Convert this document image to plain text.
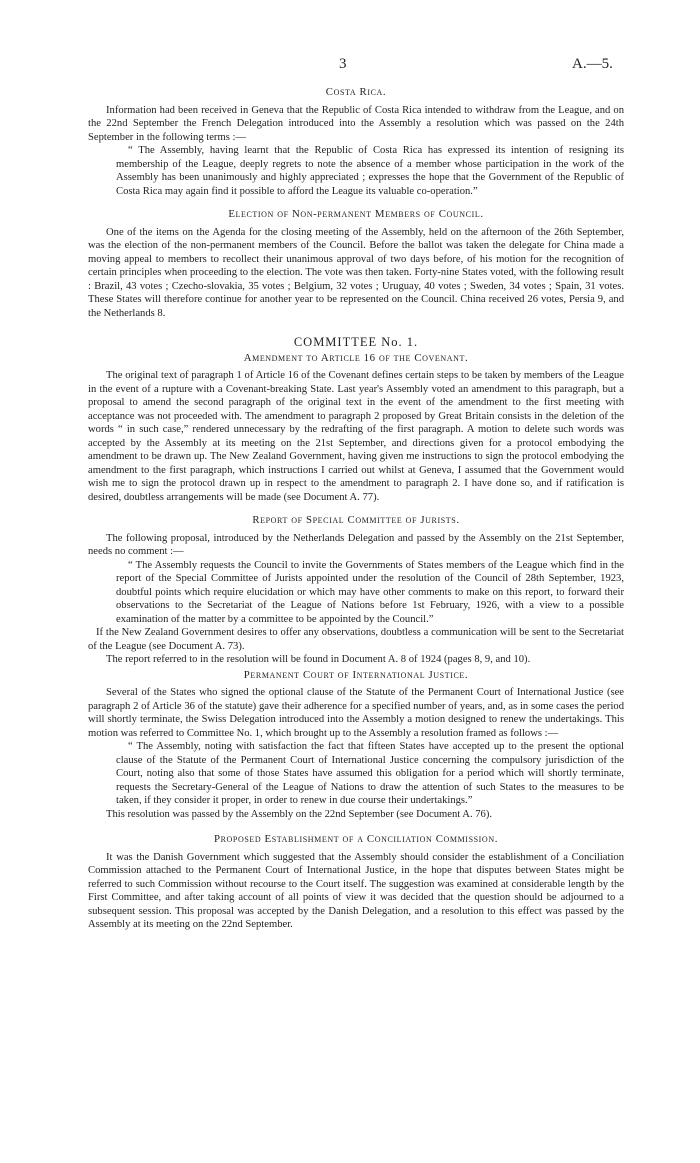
3	A.—5.
Costa Rica.

Information had been received in Geneva that the Republic of Costa Rica intended to withdraw from the League, and on the 22nd September the French Delegation introduced into the Assembly a resolution which was passed on the 24th September in the following terms :—

“ The Assembly, having learnt that the Republic of Costa Rica has expressed its intention of resigning its membership of the League, deeply regrets to note the absence of a member whose participation in the work of the Assembly has been unanimously and highly appreciated ; expresses the hope that the Government of the Republic of Costa Rica may again find it possible to afford the League its valuable co-operation.”

Election of Non-permanent Members of Council.

One of the items on the Agenda for the closing meeting of the Assembly, held on the afternoon of the 26th September, was the election of the non-permanent members of the Council. Before the ballot was taken the delegate for China made a moving appeal to members to recollect their unanimous approval of two days before, of his motion for the recognition of certain principles when proceeding to the election. The vote was then taken. Forty-nine States voted, with the following result : Brazil, 43 votes ; Czecho-slovakia, 35 votes ; Belgium, 32 votes ; Uruguay, 40 votes ; Sweden, 34 votes ; Spain, 31 votes. These States will therefore continue for another year to be represented on the Council. China received 26 votes, Persia 9, and the Netherlands 8.

COMMITTEE No. 1.
Amendment to Article 16 of the Covenant.

The original text of paragraph 1 of Article 16 of the Covenant defines certain steps to be taken by members of the League in the event of a rupture with a Covenant-breaking State. Last year's Assembly voted an amendment to this paragraph, but a proposal to amend the second paragraph of the original text in the event of the amendment to the first meeting with acceptance was not proceeded with. The amendment to paragraph 2 proposed by Great Britain consists in the deletion of the words “ in such case,” rendered unnecessary by the redrafting of the first paragraph. A motion to delete such words was accepted by the Assembly at its meeting on the 21st September, and directions given for a protocol embodying the amendment to be drawn up. The New Zealand Government, having given me instructions to sign the protocol embodying the amendment to the first paragraph, which instructions I carried out whilst at Geneva, I assumed that the Government would wish me to sign the protocol drawn up in respect to the amendment to paragraph 2. I have done so, and if ratification is desired, doubtless arrangements will be made (see Document A. 77).

Report of Special Committee of Jurists.

The following proposal, introduced by the Netherlands Delegation and passed by the Assembly on the 21st September, needs no comment :—

“ The Assembly requests the Council to invite the Governments of States members of the League which find in the report of the Special Committee of Jurists appointed under the resolution of the Council of 28th September, 1923, doubtful points which require elucidation or which may have other comments to make on this report, to forward their observations to the Secretariat of the League of Nations before 1st February, 1926, with a view to a possible examination of the matter by a committee to be appointed by the Council.”

If the New Zealand Government desires to offer any observations, doubtless a communication will be sent to the Secretariat of the League (see Document A. 73).

The report referred to in the resolution will be found in Document A. 8 of 1924 (pages 8, 9, and 10).

Permanent Court of International Justice.

Several of the States who signed the optional clause of the Statute of the Permanent Court of International Justice (see paragraph 2 of Article 36 of the statute) gave their adherence for a specified number of years, and, as in some cases the period will shortly terminate, the Swiss Delegation introduced into the Assembly a motion designed to renew the undertakings. This motion was referred to Committee No. 1, which brought up to the Assembly a resolution framed as follows :—

“ The Assembly, noting with satisfaction the fact that fifteen States have accepted up to the present the optional clause of the Statute of the Permanent Court of International Justice concerning the compulsory jurisdiction of the Court, noting also that some of those States have assumed this obligation for a period which will shortly terminate, requests the Secretary-General of the League of Nations to draw the attention of such States to the measures to be taken, if they consider it proper, in order to renew in due course their undertakings.”

This resolution was passed by the Assembly on the 22nd September (see Document A. 76).

Proposed Establishment of a Conciliation Commission.

It was the Danish Government which suggested that the Assembly should consider the establishment of a Conciliation Commission attached to the Permanent Court of International Justice, in the hope that disputes between States might be referred to such Commission without recourse to the Court itself. The suggestion was examined at considerable length by the First Committee, and after taking account of all points of view it was decided that the question should be adjourned to a subsequent session. This proposal was accepted by the Danish Delegation, and a resolution to this effect was passed by the Assembly at its meeting on the 22nd September.
